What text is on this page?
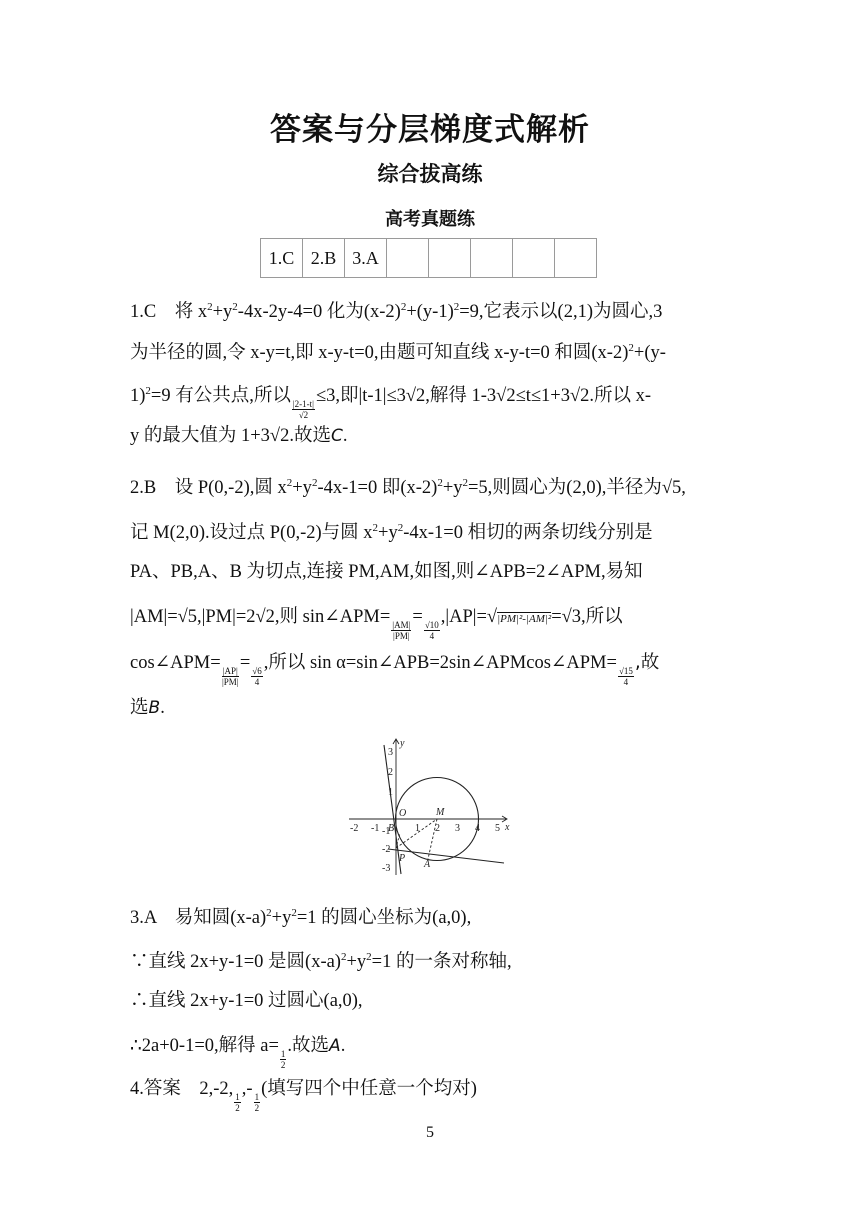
答案与分层梯度式解析
综合拔高练
高考真题练
1.C	2.B	3.A					
1.C　将 $x^2+y^2-4x-2y-4=0$ 化为$(x-2)^2+(y-1)^2=9$,它表示以(2,1)为圆心,3
为半径的圆,令 x-y=t,即 x-y-t=0,由题可知直线 x-y-t=0 和圆$(x-2)^2+(y-$
1)$^2$=9 有公共点,所以
$\frac{|2-1-t|}{√2}$
≤3,即|t-1|≤3√2,解得 1-3√2≤t≤1+3√2.所以 x-
y 的最大值为 1+3√2.故选C.
2.B　设 P(0,-2),圆 $x^2+y^2-4x-1=0$ 即$(x-2)^2+y^2=5$,则圆心为(2,0),半径为√5,
记 M(2,0).设过点 P(0,-2)与圆 $x^2+y^2-4x-1=0$ 相切的两条切线分别是
PA、PB,A、B 为切点,连接 PM,AM,如图,则∠APB=2∠APM,易知
|AM|=√5,|PM|=2√2,则 sin∠APM=
$\frac{|AM|}{|PM|}$
=
$\frac{√10}{4}$
,|AP|=√|PM|²-|AM|²=√3,所以
cos∠APM=
$\frac{|AP|}{|PM|}$
=
$\frac{√6}{4}$
,所以 sin α=sin∠APB=2sin∠APMcos∠APM=
$\frac{√15}{4}$
,故
选B.
y
x
3
2
1
-1
-2
-3
-2 -1	1 2 3 4 5
O	M
B
P
A
3.A　易知圆$(x-a)^2+y^2=1$ 的圆心坐标为(a,0),
∵直线 2x+y-1=0 是圆$(x-a)^2+y^2=1$ 的一条对称轴,
∴直线 2x+y-1=0 过圆心(a,0),
∴2a+0-1=0,解得 a=
$\frac{1}{2}$
.故选A.
4.答案　2,-2,
$\frac{1}{2}$
,-
$\frac{1}{2}$
(填写四个中任意一个均对)
5
